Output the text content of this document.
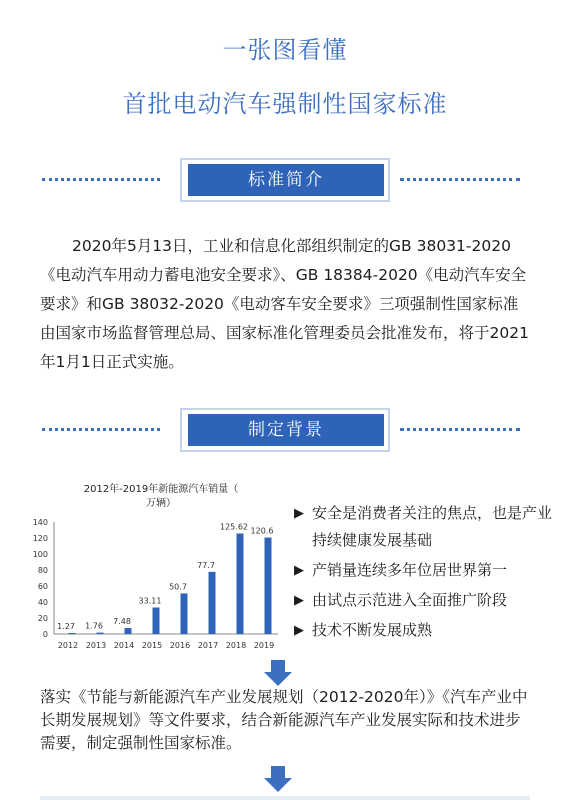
一张图看懂
首批电动汽车强制性国家标准
标准简介
2020年5月13日，工业和信息化部组织制定的GB 38031-2020《电动汽车用动力蓄电池安全要求》、GB 18384-2020《电动汽车安全要求》和GB 38032-2020《电动客车安全要求》三项强制性国家标准由国家市场监督管理总局、国家标准化管理委员会批准发布，将于2021年1月1日正式实施。
制定背景
2012年-2019年新能源汽车销量（
万辆）
0
20
40
60
80
100
120
140
1.27
2012
1.76
2013
7.48
2014
33.11
2015
50.7
2016
77.7
2017
125.62
2018
120.6
2019
▶ 安全是消费者关注的焦点，也是产业持续健康发展基础
▶ 产销量连续多年位居世界第一
▶ 由试点示范进入全面推广阶段
▶ 技术不断发展成熟
落实《节能与新能源汽车产业发展规划（2012-2020年）》《汽车产业中长期发展规划》等文件要求，结合新能源汽车产业发展实际和技术进步需要，制定强制性国家标准。
